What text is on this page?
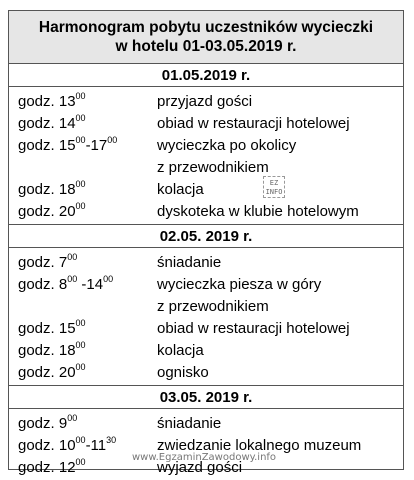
Harmonogram pobytu uczestników wycieczki
w hotelu 01-03.05.2019 r.
01.05.2019 r.
godz. $13^{00}$	przyjazd gości
godz. $14^{00}$	obiad w restauracji hotelowej
godz. $15^{00}-17^{00}$	wycieczka po okolicy
z przewodnikiem
godz. $18^{00}$	kolacja
godz. $20^{00}$	dyskoteka w klubie hotelowym
02.05. 2019 r.
godz. $7^{00}$	śniadanie
godz. $8^{00}$ $-14^{00}$	wycieczka piesza w góry
z przewodnikiem
godz. $15^{00}$	obiad w restauracji hotelowej
godz. $18^{00}$	kolacja
godz. $20^{00}$	ognisko
03.05. 2019 r.
godz. $9^{00}$	śniadanie
godz. $10^{00}-11^{30}$	zwiedzanie lokalnego muzeum
godz. $12^{00}$	wyjazd gości
EZ
INFO
www.EgzaminZawodowy.info
